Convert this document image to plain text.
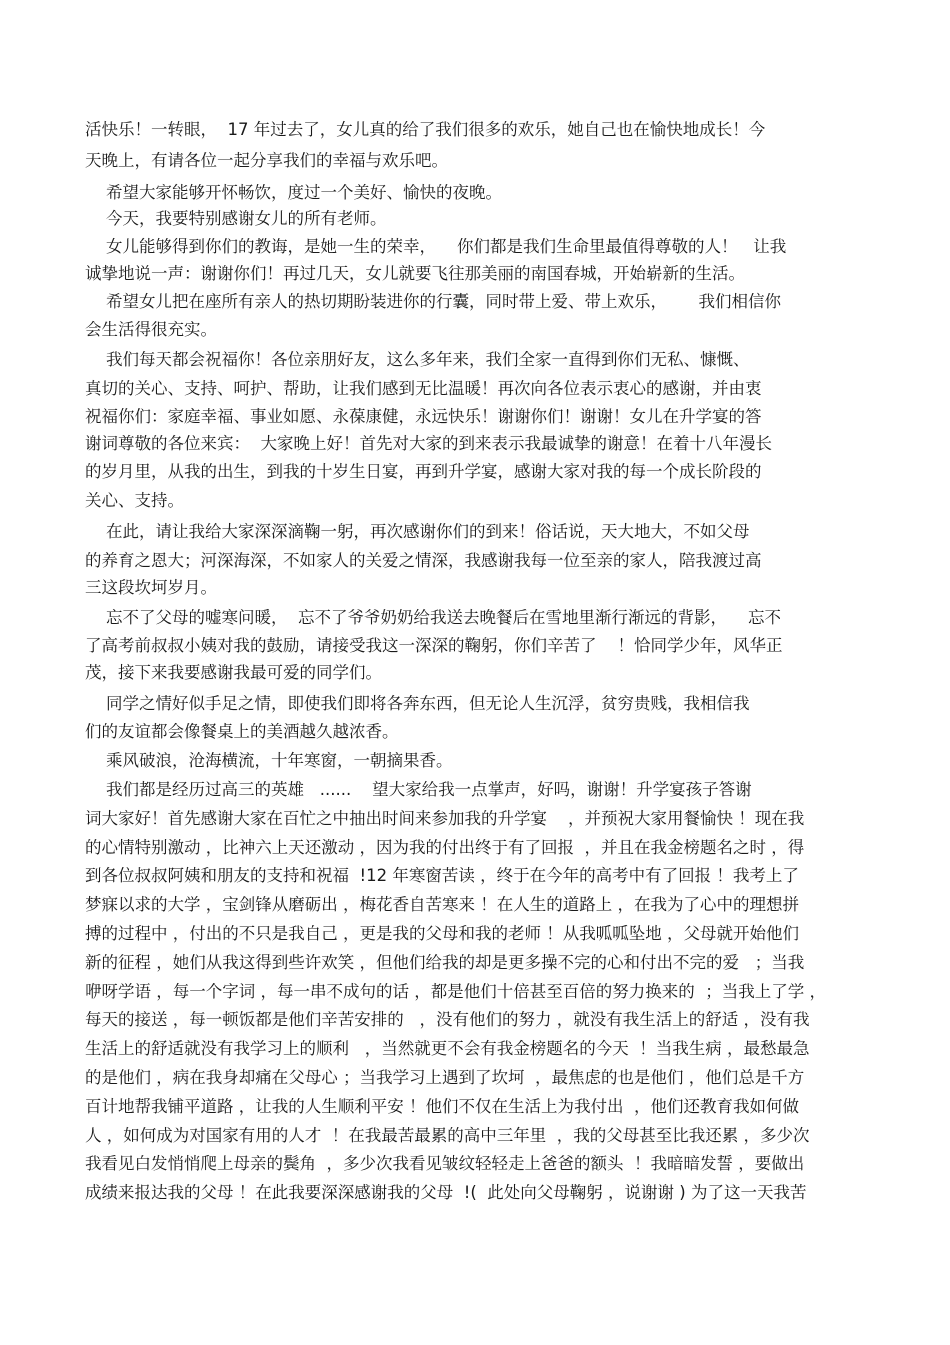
活快乐！一转眼，  17 年过去了，女儿真的给了我们很多的欢乐，她自己也在愉快地成长！今
天晚上，有请各位一起分享我们的幸福与欢乐吧。
希望大家能够开怀畅饮，度过一个美好、愉快的夜晚。
今天，我要特别感谢女儿的所有老师。
女儿能够得到你们的教诲，是她一生的荣幸，    你们都是我们生命里最值得尊敬的人！   让我
诚挚地说一声：谢谢你们！再过几天，女儿就要飞往那美丽的南国春城，开始崭新的生活。
希望女儿把在座所有亲人的热切期盼装进你的行囊，同时带上爱、带上欢乐，      我们相信你
会生活得很充实。
我们每天都会祝福你！各位亲朋好友，这么多年来，我们全家一直得到你们无私、慷慨、
真切的关心、支持、呵护、帮助，让我们感到无比温暖！再次向各位表示衷心的感谢，并由衷
祝福你们：家庭幸福、事业如愿、永葆康健，永远快乐！谢谢你们！谢谢！女儿在升学宴的答
谢词尊敬的各位来宾：  大家晚上好！首先对大家的到来表示我最诚挚的谢意！在着十八年漫长
的岁月里，从我的出生，到我的十岁生日宴，再到升学宴，感谢大家对我的每一个成长阶段的
关心、支持。
在此，请让我给大家深深滴鞠一躬，再次感谢你们的到来！俗话说，天大地大，不如父母
的养育之恩大；河深海深，不如家人的关爱之情深，我感谢我每一位至亲的家人，陪我渡过高
三这段坎坷岁月。
忘不了父母的嘘寒问暖，  忘不了爷爷奶奶给我送去晚餐后在雪地里渐行渐远的背影，    忘不
了高考前叔叔小姨对我的鼓励，请接受我这一深深的鞠躬，你们辛苦了    ！恰同学少年，风华正
茂，接下来我要感谢我最可爱的同学们。
同学之情好似手足之情，即使我们即将各奔东西，但无论人生沉浮，贫穷贵贱，我相信我
们的友谊都会像餐桌上的美酒越久越浓香。
乘风破浪，沧海横流，十年寒窗，一朝摘果香。
我们都是经历过高三的英雄   ......    望大家给我一点掌声，好吗，谢谢！升学宴孩子答谢
词大家好！首先感谢大家在百忙之中抽出时间来参加我的升学宴    ，并预祝大家用餐愉快 ！现在我
的心情特别激动 ，比神六上天还激动 ，因为我的付出终于有了回报  ，并且在我金榜题名之时 ，得
到各位叔叔阿姨和朋友的支持和祝福  !12 年寒窗苦读 ，终于在今年的高考中有了回报 ！我考上了
梦寐以求的大学 ，宝剑锋从磨砺出 ，梅花香自苦寒来 ！在人生的道路上 ，在我为了心中的理想拼
搏的过程中 ，付出的不只是我自己 ，更是我的父母和我的老师 ！从我呱呱坠地 ，父母就开始他们
新的征程 ，她们从我这得到些许欢笑 ，但他们给我的却是更多操不完的心和付出不完的爱   ；当我
咿呀学语 ，每一个字词 ，每一串不成句的话 ，都是他们十倍甚至百倍的努力换来的  ；当我上了学 ，
每天的接送 ，每一顿饭都是他们辛苦安排的   ，没有他们的努力 ，就没有我生活上的舒适 ，没有我
生活上的舒适就没有我学习上的顺利   ，当然就更不会有我金榜题名的今天  ！当我生病 ，最愁最急
的是他们 ，病在我身却痛在父母心 ；当我学习上遇到了坎坷  ，最焦虑的也是他们 ，他们总是千方
百计地帮我铺平道路 ，让我的人生顺利平安 ！他们不仅在生活上为我付出  ，他们还教育我如何做
人 ，如何成为对国家有用的人才  ！在我最苦最累的高中三年里  ，我的父母甚至比我还累 ，多少次
我看见白发悄悄爬上母亲的鬓角  ，多少次我看见皱纹轻轻走上爸爸的额头  ！我暗暗发誓 ，要做出
成绩来报达我的父母 ！在此我要深深感谢我的父母  !(  此处向父母鞠躬 ，说谢谢 ) 为了这一天我苦
